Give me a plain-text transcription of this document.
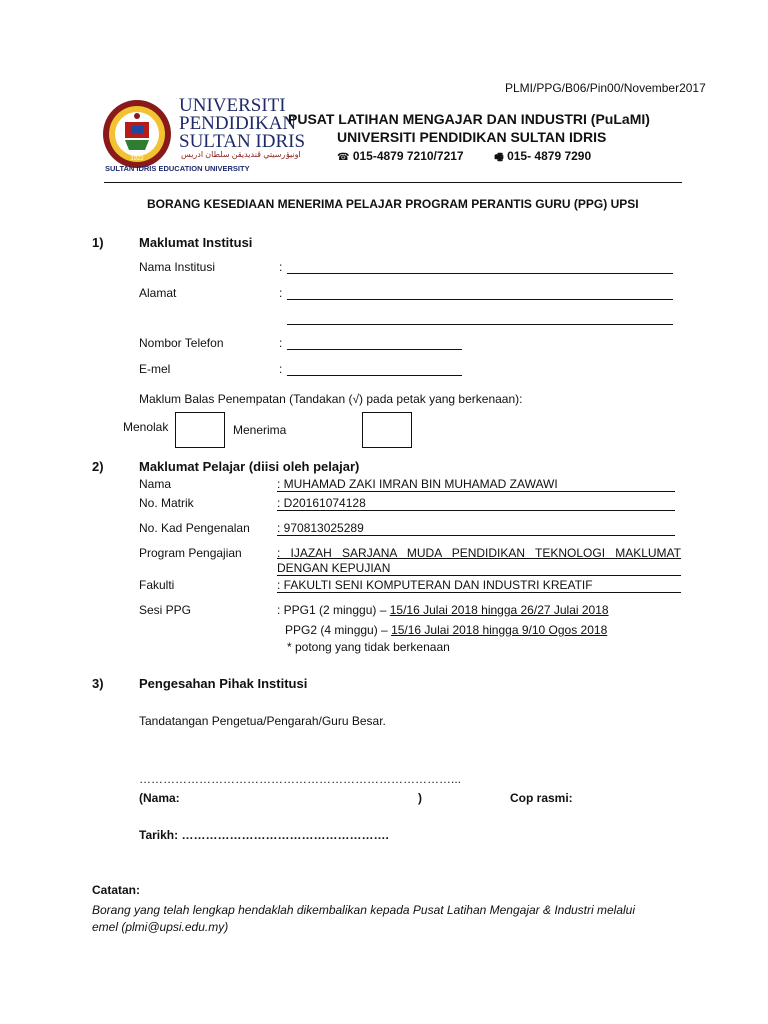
PLMI/PPG/B06/Pin00/November2017
1922
UNIVERSITI
PENDIDIKAN
SULTAN IDRIS
اونيۏرسيتي ڤنديديقن سلطان ادريس
SULTAN IDRIS EDUCATION UNIVERSITY
PUSAT LATIHAN MENGAJAR DAN INDUSTRI (PuLaMI)
UNIVERSITI PENDIDIKAN SULTAN IDRIS
☎ 015-4879 7210/7217	🖷 015- 4879 7290
BORANG KESEDIAAN MENERIMA PELAJAR PROGRAM PERANTIS GURU (PPG) UPSI
1)	Maklumat Institusi
Nama Institusi	:
Alamat	:
Nombor Telefon	:
E-mel	:
Maklum Balas Penempatan (Tandakan (√) pada petak yang berkenaan):
Menolak	Menerima
2)	Maklumat Pelajar (diisi oleh pelajar)
Nama	: MUHAMAD ZAKI IMRAN BIN MUHAMAD ZAWAWI
No. Matrik	: D20161074128
No. Kad Pengenalan : 970813025289
Program Pengajian	: IJAZAH SARJANA MUDA PENDIDIKAN TEKNOLOGI MAKLUMAT
DENGAN KEPUJIAN
Fakulti	: FAKULTI SENI KOMPUTERAN DAN INDUSTRI KREATIF
Sesi PPG	: PPG1 (2 minggu) – 15/16 Julai 2018 hingga 26/27 Julai 2018
PPG2 (4 minggu) – 15/16 Julai 2018 hingga 9/10 Ogos 2018
* potong yang tidak berkenaan
3)	Pengesahan Pihak Institusi
Tandatangan Pengetua/Pengarah/Guru Besar.
……………………………………………………………………...
(Nama:	)	Cop rasmi:
Tarikh: …………………………………………….
Catatan:
Borang yang telah lengkap hendaklah dikembalikan kepada Pusat Latihan Mengajar & Industri melalui
emel (plmi@upsi.edu.my)
